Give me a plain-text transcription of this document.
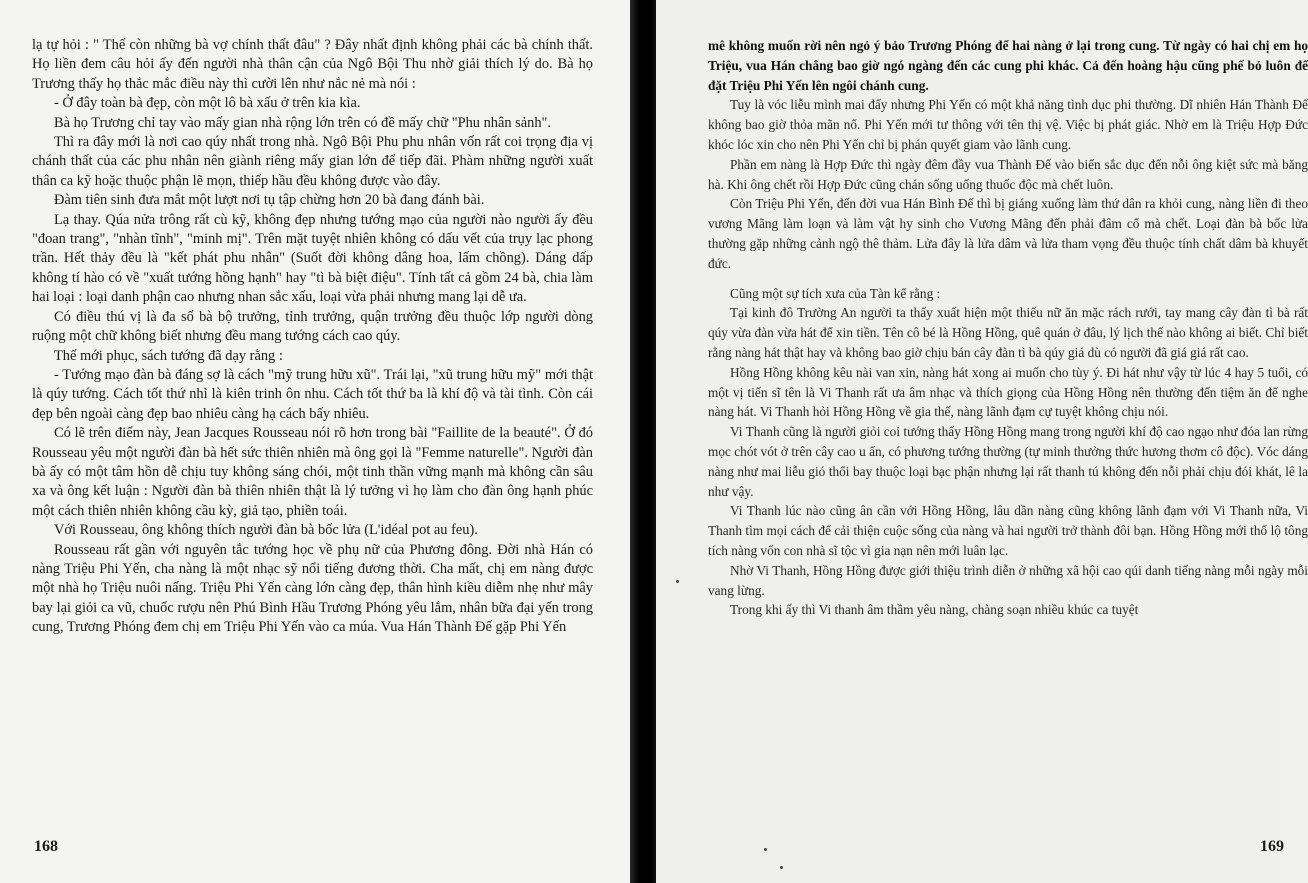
lạ tự hỏi : " Thế còn những bà vợ chính thất đâu" ? Đây nhất định không phải các bà chính thất. Họ liền đem câu hỏi ấy đến người nhà thân cận của Ngô Bội Thu nhờ giải thích lý do. Bà họ Trương thấy họ thắc mắc điều này thì cười lên như nắc nẻ mà nói :

- Ở đây toàn bà đẹp, còn một lô bà xấu ở trên kia kìa.

Bà họ Trương chỉ tay vào mấy gian nhà rộng lớn trên có đề mấy chữ "Phu nhân sảnh".

Thì ra đây mới là nơi cao qúy nhất trong nhà. Ngô Bội Phu phu nhân vốn rất coi trọng địa vị chánh thất của các phu nhân nên giành riêng mấy gian lớn để tiếp đãi. Phàm những người xuất thân ca kỹ hoặc thuộc phận lẽ mọn, thiếp hầu đều không được vào đây.

Đàm tiên sinh đưa mắt một lượt nơi tụ tập chừng hơn 20 bà đang đánh bài.

Lạ thay. Qúa nửa trông rất cù kỹ, không đẹp nhưng tướng mạo của người nào người ấy đều "đoan trang", "nhàn tĩnh", "minh mị". Trên mặt tuyệt nhiên không có dấu vết của trụy lạc phong trần. Hết thảy đều là "kết phát phu nhân" (Suốt đời không dâng hoa, lấm chồng). Dáng dấp không tí hào có về "xuất tướng hồng hạnh" hay "tì bà biệt điệu". Tính tất cả gồm 24 bà, chia làm hai loại : loại danh phận cao nhưng nhan sắc xấu, loại vừa phải nhưng mang lại dễ ưa.

Có điều thú vị là đa số bà bộ trưởng, tỉnh trưởng, quận trưởng đều thuộc lớp người dòng ruộng một chữ không biết nhưng đều mang tướng cách cao qúy.

Thế mới phục, sách tướng đã dạy rằng :

- Tướng mạo đàn bà đáng sợ là cách "mỹ trung hữu xũ". Trái lại, "xũ trung hữu mỹ" mới thật là qúy tướng. Cách tốt thứ nhì là kiên trinh ôn nhu. Cách tốt thứ ba là khí độ và tài tình. Còn cái đẹp bên ngoài càng đẹp bao nhiêu càng hạ cách bấy nhiêu.

Có lẽ trên điểm này, Jean Jacques Rousseau nói rõ hơn trong bài "Faillite de la beauté". Ở đó Rousseau yêu một người đàn bà hết sức thiên nhiên mà ông gọi là "Femme naturelle". Người đàn bà ấy có một tâm hồn dễ chịu tuy không sáng chói, một tinh thần vững mạnh mà không cần sâu xa và ông kết luận : Người đàn bà thiên nhiên thật là lý tưởng vì họ làm cho đàn ông hạnh phúc một cách thiên nhiên không cầu kỳ, giả tạo, phiền toái.

Với Rousseau, ông không thích người đàn bà bốc lửa (L'idéal pot au feu).

Rousseau rất gần với nguyên tắc tướng học về phụ nữ của Phương đông. Đời nhà Hán có nàng Triệu Phi Yến, cha nàng là một nhạc sỹ nổi tiếng đương thời. Cha mất, chị em nàng được một nhà họ Triệu nuôi nấng. Triệu Phi Yến càng lớn càng đẹp, thân hình kiều diễm nhẹ như mây bay lại giỏi ca vũ, chuốc rượu nên Phú Bình Hầu Trương Phóng yêu lắm, nhân bữa đại yến trong cung, Trương Phóng đem chị em Triệu Phi Yến vào ca múa. Vua Hán Thành Đế gặp Phi Yến

168

mê không muốn rời nên ngỏ ý bảo Trương Phóng để hai nàng ở lại trong cung. Từ ngày có hai chị em họ Triệu, vua Hán chẳng bao giờ ngó ngàng đến các cung phi khác. Cả đến hoàng hậu cũng phế bỏ luôn để đặt Triệu Phi Yến lên ngôi chánh cung.

Tuy là vóc liễu mình mai đấy nhưng Phi Yến có một khả năng tình dục phi thường. Dĩ nhiên Hán Thành Đế không bao giờ thỏa mãn nổ. Phi Yến mới tư thông với tên thị vệ. Việc bị phát giác. Nhờ em là Triệu Hợp Đức khóc lóc xin cho nên Phi Yến chỉ bị phán quyết giam vào lãnh cung.

Phần em nàng là Hợp Đức thì ngày đêm đầy vua Thành Đế vào biển sắc dục đến nỗi ông kiệt sức mà băng hà. Khi ông chết rồi Hợp Đức cũng chán sống uống thuốc độc mà chết luôn.

Còn Triệu Phi Yến, đến đời vua Hán Bình Đế thì bị giáng xuống làm thứ dân ra khỏi cung, nàng liền đi theo vương Mãng làm loạn và làm vật hy sinh cho Vương Mãng đến phải đâm cổ mà chết. Loại đàn bà bốc lửa thường gặp những cảnh ngộ thê thảm. Lửa đây là lửa dâm và lửa tham vọng đều thuộc tính chất dâm bà khuyết đức.

Cũng một sự tích xưa của Tàn kể rằng :

Tại kinh đô Trường An người ta thấy xuất hiện một thiếu nữ ăn mặc rách rưới, tay mang cây đàn tì bà rất qúy vừa đàn vừa hát để xin tiền. Tên cô bé là Hồng Hồng, quê quán ở đâu, lý lịch thế nào không ai biết. Chỉ biết rằng nàng hát thật hay và không bao giờ chịu bán cây đàn tì bà qúy giá dù có người đã giá giá rất cao.

Hồng Hồng không kêu nài van xin, nàng hát xong ai muốn cho tùy ý. Đi hát như vậy từ lúc 4 hay 5 tuổi, có một vị tiến sĩ tên là Vi Thanh rất ưa âm nhạc và thích giọng của Hồng Hồng nên thường đến tiệm ăn để nghe nàng hát. Vi Thanh hỏi Hồng Hồng về gia thế, nàng lãnh đạm cự tuyệt không chịu nói.

Vi Thanh cũng là người giỏi coi tướng thấy Hồng Hồng mang trong người khí độ cao ngạo như đóa lan rừng mọc chót vót ở trên cây cao u ẩn, có phương tướng thường (tự minh thưởng thức hương thơm cô độc). Vóc dáng nàng như mai liễu gió thổi bay thuộc loại bạc phận nhưng lại rất thanh tú không đến nỗi phải chịu đói khát, lê la như vậy.

Vi Thanh lúc nào cũng ân cần với Hồng Hồng, lâu dần nàng cũng không lãnh đạm với Vi Thanh nữa, Vi Thanh tìm mọi cách để cải thiện cuộc sống của nàng và hai người trở thành đôi bạn. Hồng Hồng mới thổ lộ tông tích nàng vốn con nhà sĩ tộc vì gia nạn nên mới luân lạc.

Nhờ Vi Thanh, Hồng Hồng được giới thiệu trình diễn ở những xã hội cao qúi danh tiếng nàng mỗi ngày mỗi vang lừng.

Trong khi ấy thì Vi thanh âm thầm yêu nàng, chàng soạn nhiều khúc ca tuyệt

169
